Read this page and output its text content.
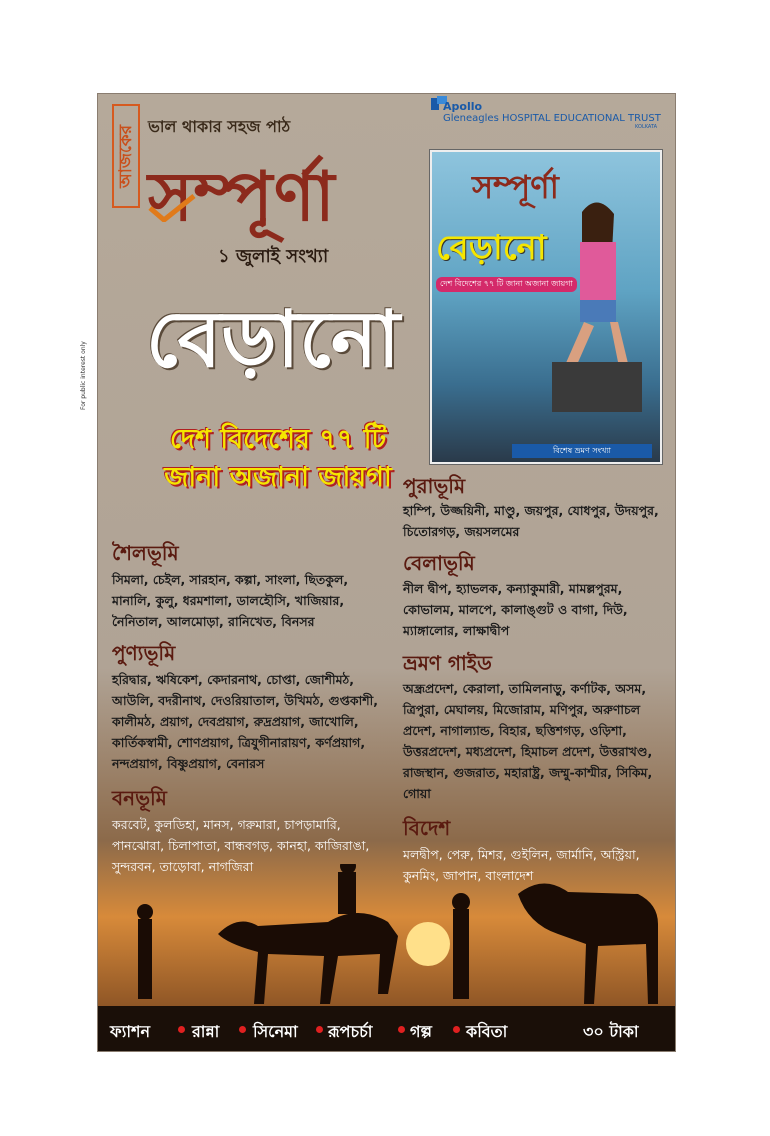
For public interest only
আজকের ভাল থাকার সহজ পাঠ
সম্পূর্ণা
১ জুলাই সংখ্যা
বেড়ানো
দেশ বিদেশের ৭৭ টি
জানা অজানা জায়গা
Apollo
Gleneagles HOSPITAL EDUCATIONAL TRUST
KOLKATA
সম্পূর্ণা
বেড়ানো
দেশ বিদেশের ৭৭ টি জানা অজানা জায়গা
বিশেষ ভ্রমণ সংখ্যা
শৈলভূমি
সিমলা, চেইল, সারহান, কল্পা, সাংলা, ছিতকুল, মানালি, কুলু, ধরমশালা, ডালহৌসি, খাজিয়ার, নৈনিতাল, আলমোড়া, রানিখেত, বিনসর
পুণ্যভূমি
হরিদ্বার, ঋষিকেশ, কেদারনাথ, চোপ্তা, জোশীমঠ, আউলি, বদরীনাথ, দেওরিয়াতাল, উখিমঠ, গুপ্তকাশী, কালীমঠ, প্রয়াগ, দেবপ্রয়াগ, রুদ্রপ্রয়াগ, জাখোলি, কার্তিকস্বামী, শোণপ্রয়াগ, ত্রিযুগীনারায়ণ, কর্ণপ্রয়াগ, নন্দপ্রয়াগ, বিষ্ণুপ্রয়াগ, বেনারস
বনভূমি
করবেট, কুলডিহা, মানস, গরুমারা, চাপড়ামারি, পানঝোরা, চিলাপাতা, বান্ধবগড়, কানহা, কাজিরাঙা, সুন্দরবন, তাড়োবা, নাগজিরা
পুরাভূমি
হাম্পি, উজ্জয়িনী, মাণ্ডু, জয়পুর, যোধপুর, উদয়পুর, চিতোরগড়, জয়সলমের
বেলাভূমি
নীল দ্বীপ, হ্যাভলক, কন্যাকুমারী, মামল্লপুরম, কোভালম, মালপে, কালাঙ্গুট ও বাগা, দিউ, ম্যাঙ্গালোর, লাক্ষাদ্বীপ
ভ্রমণ গাইড
অন্ধ্রপ্রদেশ, কেরালা, তামিলনাড়ু, কর্ণাটক, অসম, ত্রিপুরা, মেঘালয়, মিজোরাম, মণিপুর, অরুণাচল প্রদেশ, নাগাল্যান্ড, বিহার, ছত্তিশগড়, ওড়িশা, উত্তরপ্রদেশ, মধ্যপ্রদেশ, হিমাচল প্রদেশ, উত্তরাখণ্ড, রাজস্থান, গুজরাত, মহারাষ্ট্র, জম্মু-কাশ্মীর, সিকিম, গোয়া
বিদেশ
মলদ্বীপ, পেরু, মিশর, গুইলিন, জার্মানি, অস্ট্রিয়া, কুনমিং, জাপান, বাংলাদেশ
ফ্যাশন	রান্না সিনেমা রূপচর্চা গল্প কবিতা	৩০ টাকা
